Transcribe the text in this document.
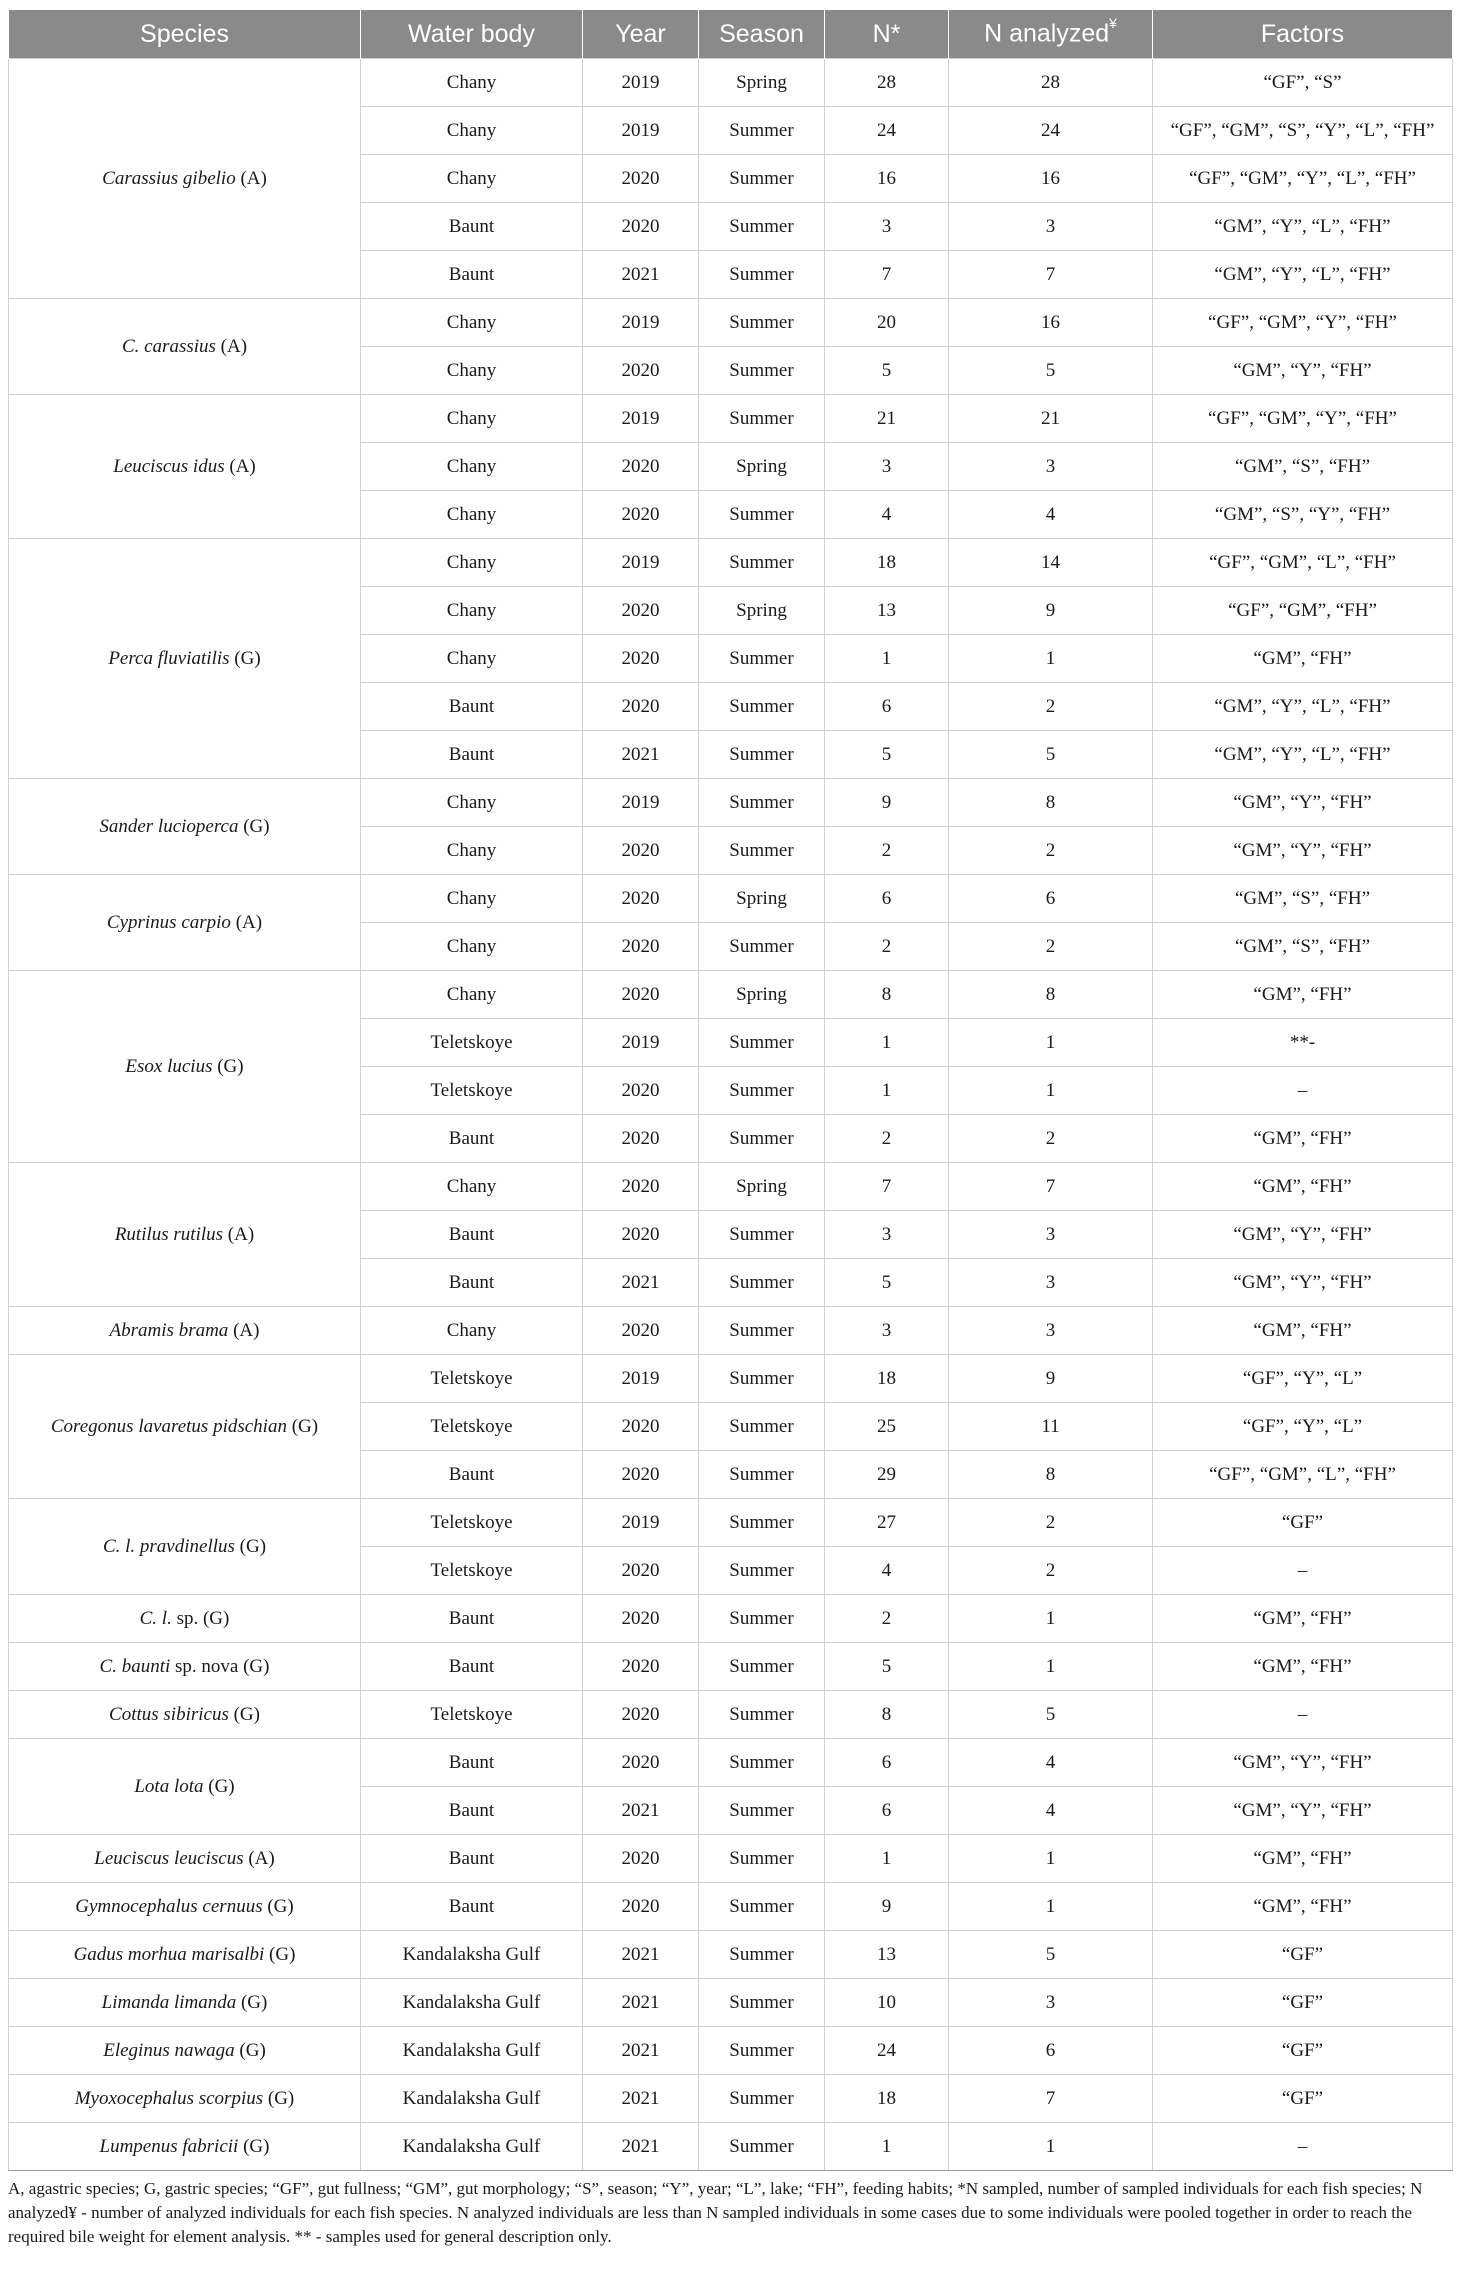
Species	Water body	Year	Season	N*	N analyzed¥	Factors
Carassius gibelio (A)	Chany	2019	Spring	28	28	“GF”, “S”
	Chany	2019	Summer	24	24	“GF”, “GM”, “S”, “Y”, “L”, “FH”
	Chany	2020	Summer	16	16	“GF”, “GM”, “Y”, “L”, “FH”
	Baunt	2020	Summer	3	3	“GM”, “Y”, “L”, “FH”
	Baunt	2021	Summer	7	7	“GM”, “Y”, “L”, “FH”
C. carassius (A)	Chany	2019	Summer	20	16	“GF”, “GM”, “Y”, “FH”
	Chany	2020	Summer	5	5	“GM”, “Y”, “FH”
Leuciscus idus (A)	Chany	2019	Summer	21	21	“GF”, “GM”, “Y”, “FH”
	Chany	2020	Spring	3	3	“GM”, “S”, “FH”
	Chany	2020	Summer	4	4	“GM”, “S”, “Y”, “FH”
Perca fluviatilis (G)	Chany	2019	Summer	18	14	“GF”, “GM”, “L”, “FH”
	Chany	2020	Spring	13	9	“GF”, “GM”, “FH”
	Chany	2020	Summer	1	1	“GM”, “FH”
	Baunt	2020	Summer	6	2	“GM”, “Y”, “L”, “FH”
	Baunt	2021	Summer	5	5	“GM”, “Y”, “L”, “FH”
Sander lucioperca (G)	Chany	2019	Summer	9	8	“GM”, “Y”, “FH”
	Chany	2020	Summer	2	2	“GM”, “Y”, “FH”
Cyprinus carpio (A)	Chany	2020	Spring	6	6	“GM”, “S”, “FH”
	Chany	2020	Summer	2	2	“GM”, “S”, “FH”
Esox lucius (G)	Chany	2020	Spring	8	8	“GM”, “FH”
	Teletskoye	2019	Summer	1	1	**-
	Teletskoye	2020	Summer	1	1	–
	Baunt	2020	Summer	2	2	“GM”, “FH”
Rutilus rutilus (A)	Chany	2020	Spring	7	7	“GM”, “FH”
	Baunt	2020	Summer	3	3	“GM”, “Y”, “FH”
	Baunt	2021	Summer	5	3	“GM”, “Y”, “FH”
Abramis brama (A)	Chany	2020	Summer	3	3	“GM”, “FH”
Coregonus lavaretus pidschian (G)	Teletskoye	2019	Summer	18	9	“GF”, “Y”, “L”
	Teletskoye	2020	Summer	25	11	“GF”, “Y”, “L”
	Baunt	2020	Summer	29	8	“GF”, “GM”, “L”, “FH”
C. l. pravdinellus (G)	Teletskoye	2019	Summer	27	2	“GF”
	Teletskoye	2020	Summer	4	2	–
C. l. sp. (G)	Baunt	2020	Summer	2	1	“GM”, “FH”
C. baunti sp. nova (G)	Baunt	2020	Summer	5	1	“GM”, “FH”
Cottus sibiricus (G)	Teletskoye	2020	Summer	8	5	–
Lota lota (G)	Baunt	2020	Summer	6	4	“GM”, “Y”, “FH”
	Baunt	2021	Summer	6	4	“GM”, “Y”, “FH”
Leuciscus leuciscus (A)	Baunt	2020	Summer	1	1	“GM”, “FH”
Gymnocephalus cernuus (G)	Baunt	2020	Summer	9	1	“GM”, “FH”
Gadus morhua marisalbi (G)	Kandalaksha Gulf	2021	Summer	13	5	“GF”
Limanda limanda (G)	Kandalaksha Gulf	2021	Summer	10	3	“GF”
Eleginus nawaga (G)	Kandalaksha Gulf	2021	Summer	24	6	“GF”
Myoxocephalus scorpius (G)	Kandalaksha Gulf	2021	Summer	18	7	“GF”
Lumpenus fabricii (G)	Kandalaksha Gulf	2021	Summer	1	1	–
A, agastric species; G, gastric species; “GF”, gut fullness; “GM”, gut morphology; “S”, season; “Y”, year; “L”, lake; “FH”, feeding habits; *N sampled, number of sampled individuals for each fish species; N analyzed¥ - number of analyzed individuals for each fish species. N analyzed individuals are less than N sampled individuals in some cases due to some individuals were pooled together in order to reach the required bile weight for element analysis. ** - samples used for general description only.
